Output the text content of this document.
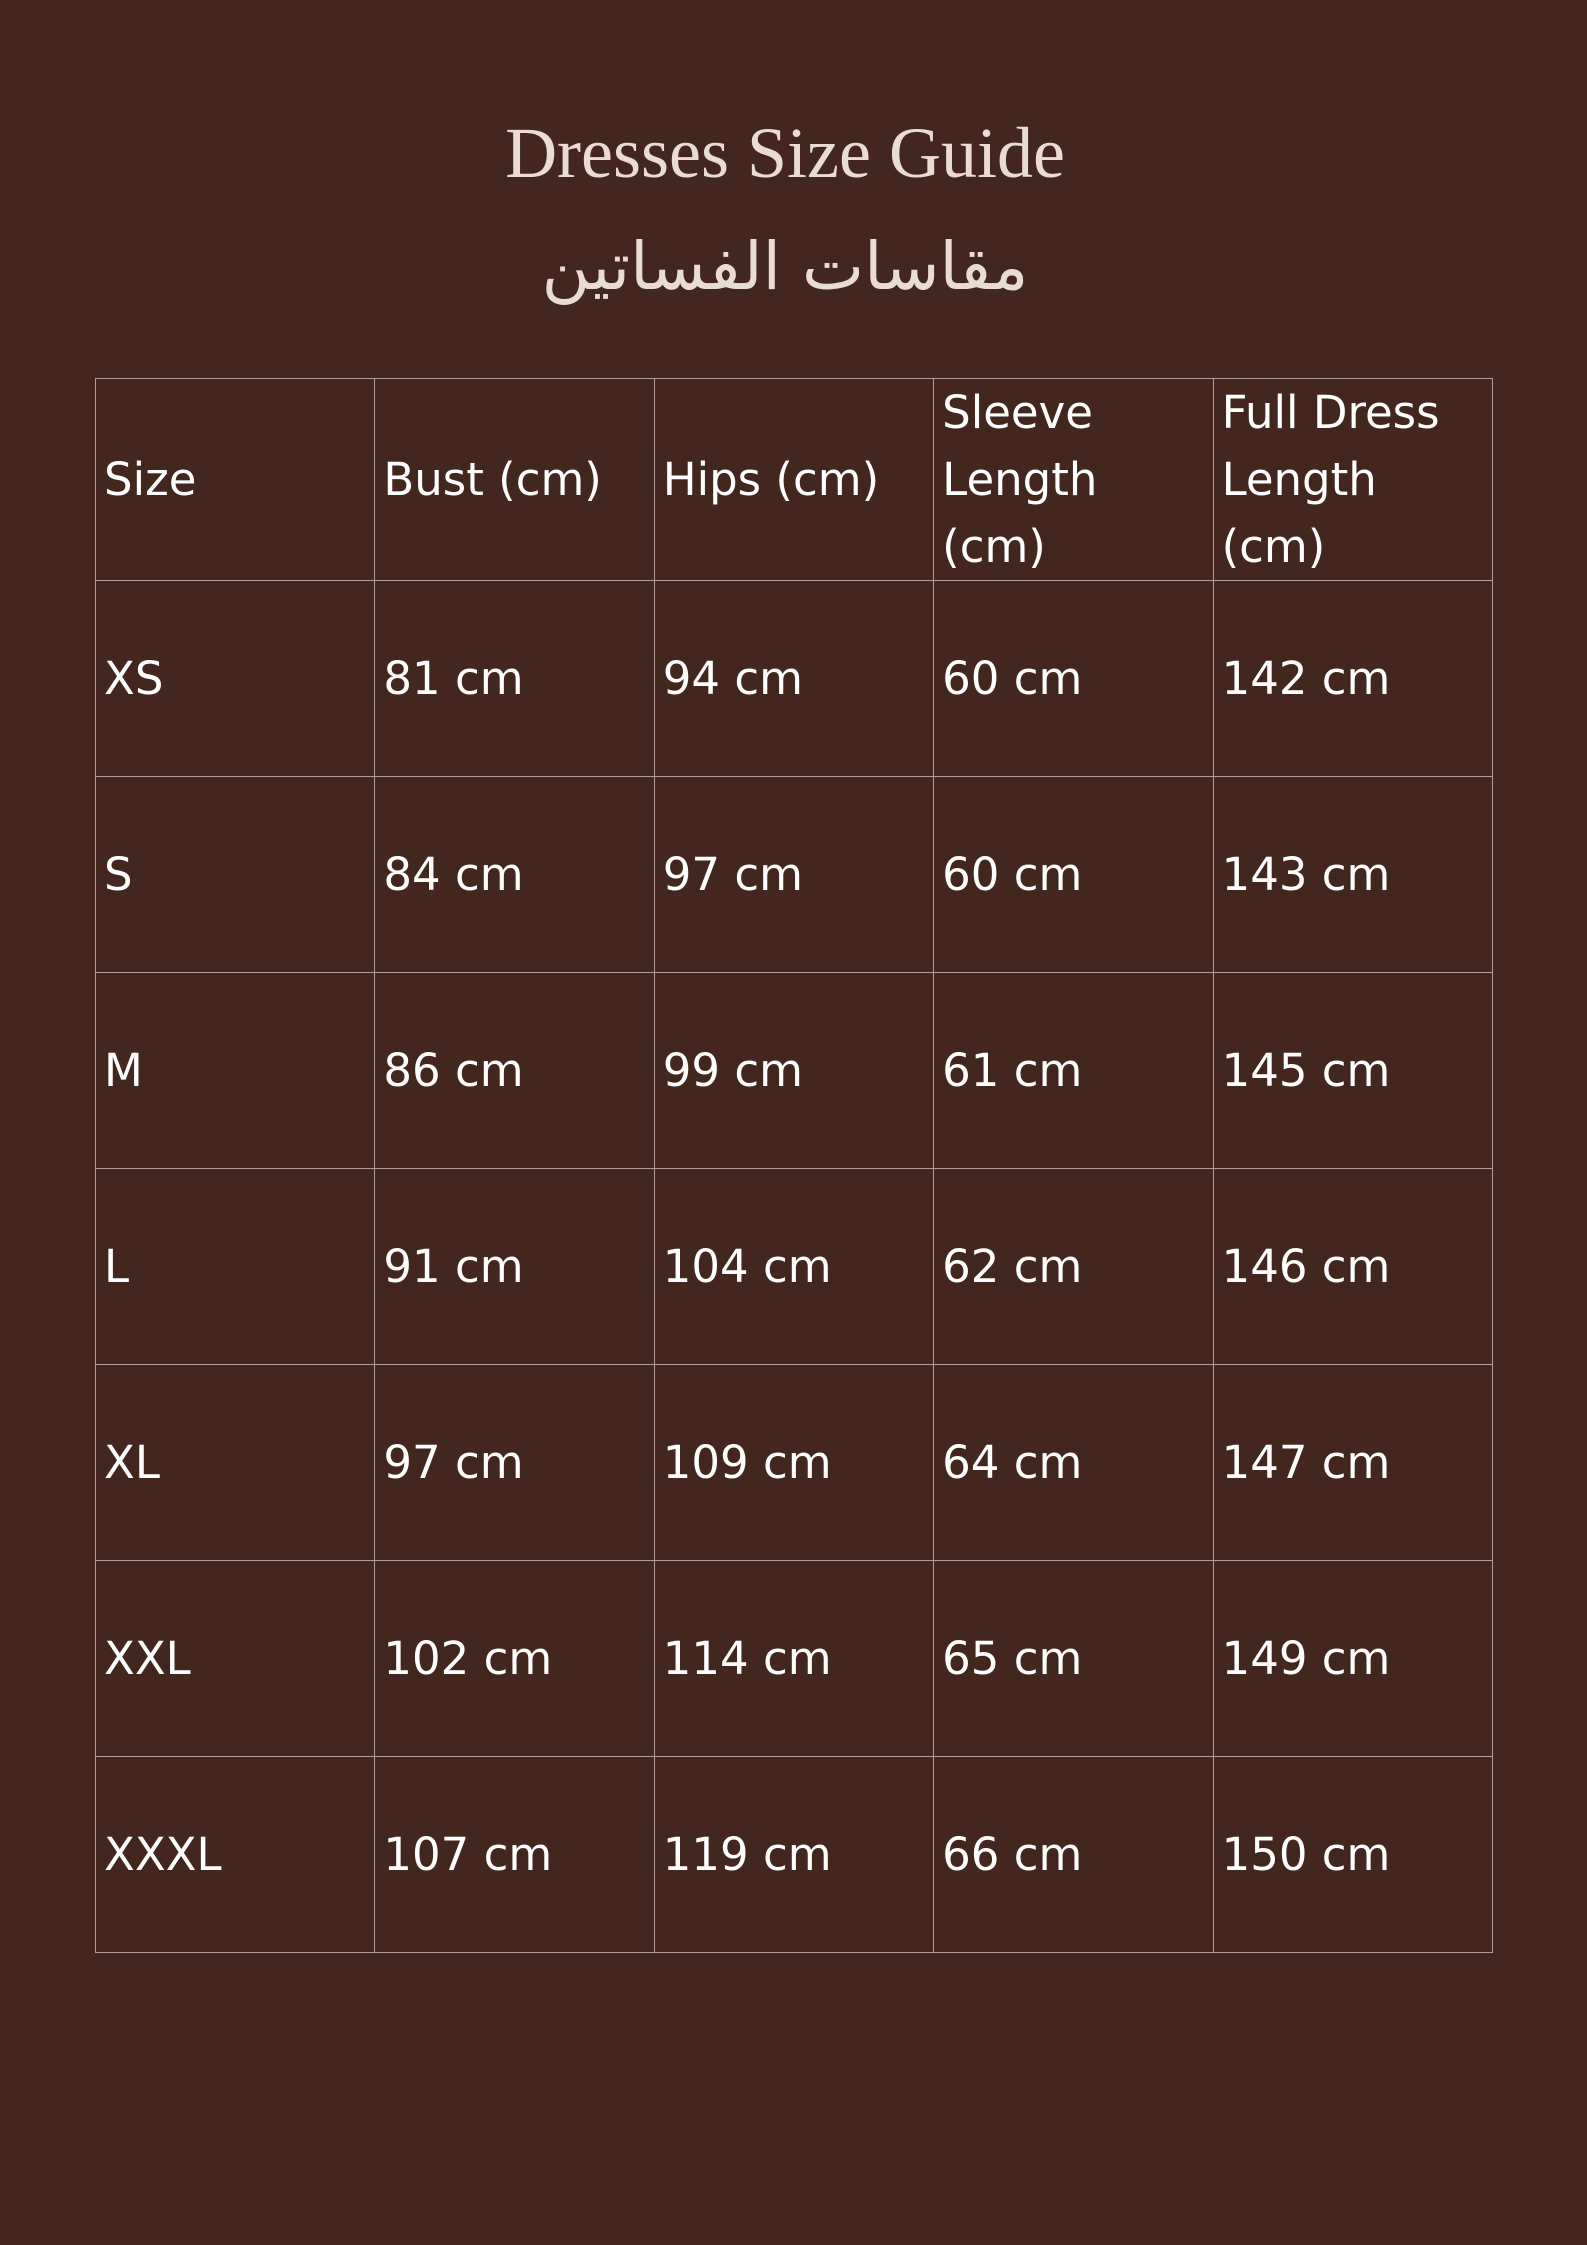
Dresses Size Guide
مقاسات الفساتين
Size	Bust (cm)	Hips (cm)	Sleeve Length (cm)	Full Dress Length (cm)

XS	81 cm	94 cm	60 cm	142 cm
S	84 cm	97 cm	60 cm	143 cm
M	86 cm	99 cm	61 cm	145 cm
L	91 cm	104 cm	62 cm	146 cm
XL	97 cm	109 cm	64 cm	147 cm
XXL	102 cm	114 cm	65 cm	149 cm
XXXL	107 cm	119 cm	66 cm	150 cm
